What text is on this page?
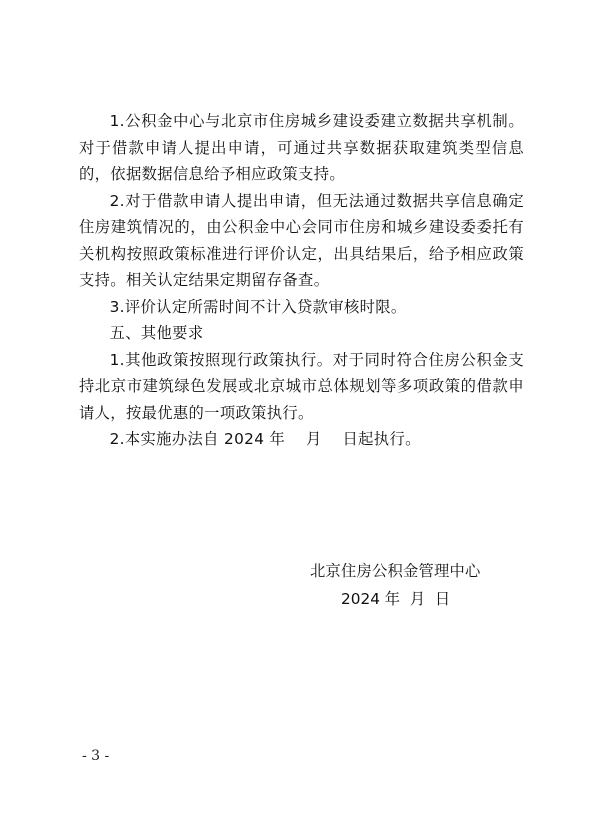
1.公积金中心与北京市住房城乡建设委建立数据共享机制。对于借款申请人提出申请，可通过共享数据获取建筑类型信息的，依据数据信息给予相应政策支持。

2.对于借款申请人提出申请，但无法通过数据共享信息确定住房建筑情况的，由公积金中心会同市住房和城乡建设委委托有关机构按照政策标准进行评价认定，出具结果后，给予相应政策支持。相关认定结果定期留存备查。

3.评价认定所需时间不计入贷款审核时限。

五、其他要求

1.其他政策按照现行政策执行。对于同时符合住房公积金支持北京市建筑绿色发展或北京城市总体规划等多项政策的借款申请人，按最优惠的一项政策执行。

2.本实施办法自 2024 年    月    日起执行。

北京住房公积金管理中心
2024 年  月  日
- 3 -
